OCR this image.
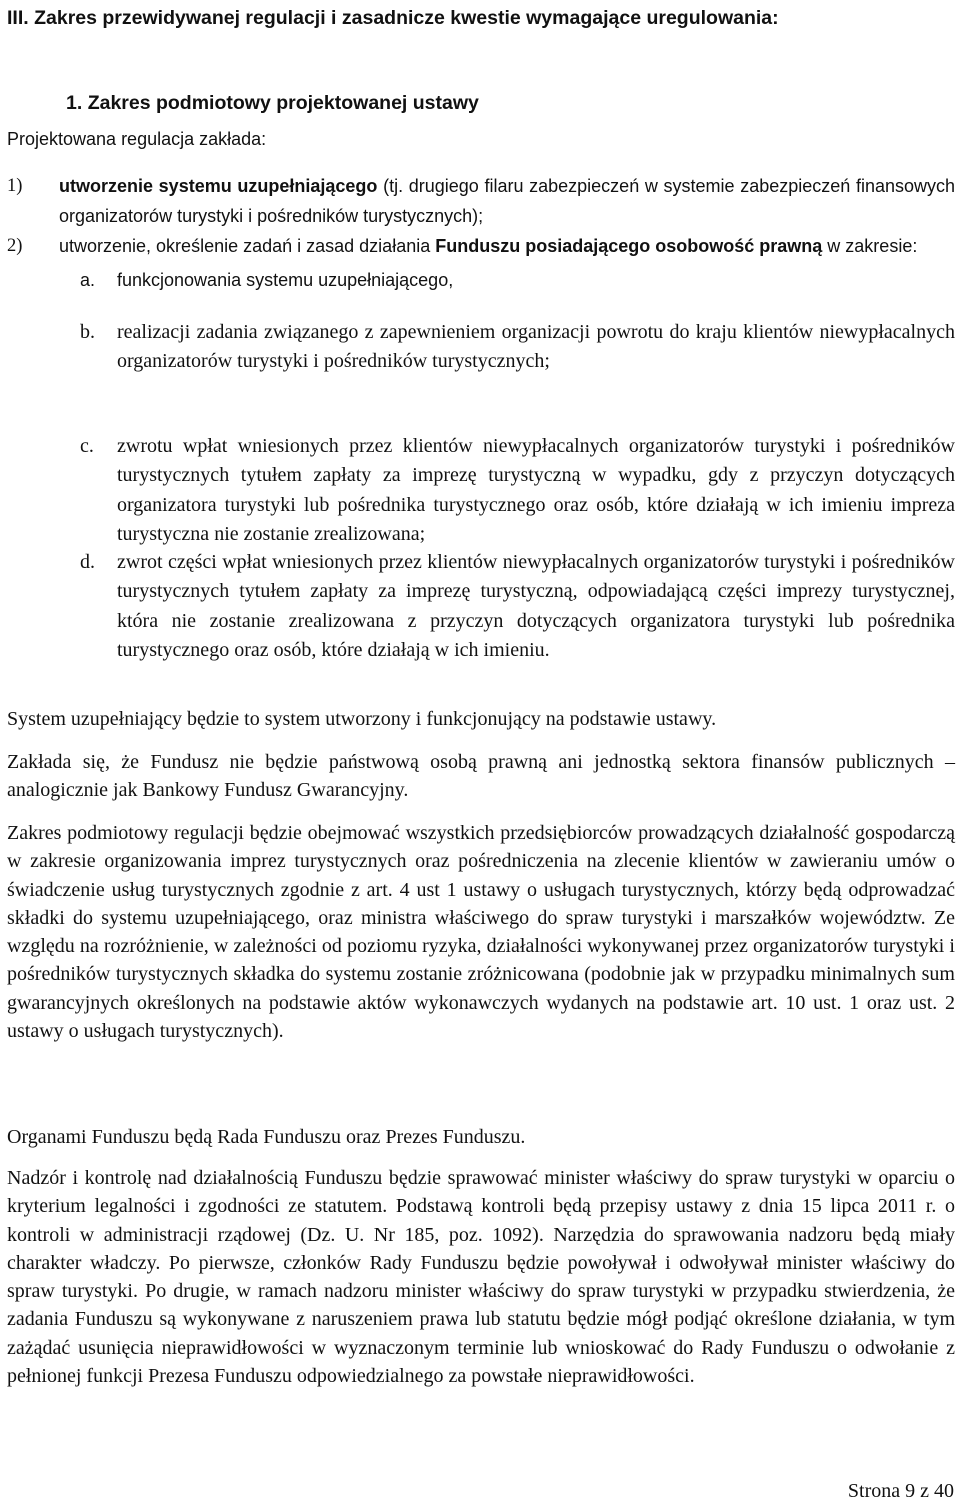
III. Zakres przewidywanej regulacji i zasadnicze kwestie wymagające uregulowania:
1. Zakres podmiotowy projektowanej ustawy
Projektowana regulacja zakłada:
1) utworzenie systemu uzupełniającego (tj. drugiego filaru zabezpieczeń w systemie zabezpieczeń finansowych organizatorów turystyki i pośredników turystycznych);
2) utworzenie, określenie zadań i zasad działania Funduszu posiadającego osobowość prawną w zakresie:
a. funkcjonowania systemu uzupełniającego,
b. realizacji zadania związanego z zapewnieniem organizacji powrotu do kraju klientów niewypłacalnych organizatorów turystyki i pośredników turystycznych;
c. zwrotu wpłat wniesionych przez klientów niewypłacalnych organizatorów turystyki i pośredników turystycznych tytułem zapłaty za imprezę turystyczną w wypadku, gdy z przyczyn dotyczących organizatora turystyki lub pośrednika turystycznego oraz osób, które działają w ich imieniu impreza turystyczna nie zostanie zrealizowana;
d. zwrot części wpłat wniesionych przez klientów niewypłacalnych organizatorów turystyki i pośredników turystycznych tytułem zapłaty za imprezę turystyczną, odpowiadającą części imprezy turystycznej, która nie zostanie zrealizowana z przyczyn dotyczących organizatora turystyki lub pośrednika turystycznego oraz osób, które działają w ich imieniu.
System uzupełniający będzie to system utworzony i funkcjonujący na podstawie ustawy.
Zakłada się, że Fundusz nie będzie państwową osobą prawną ani jednostką sektora finansów publicznych – analogicznie jak Bankowy Fundusz Gwarancyjny.
Zakres podmiotowy regulacji będzie obejmować wszystkich przedsiębiorców prowadzących działalność gospodarczą w zakresie organizowania imprez turystycznych oraz pośredniczenia na zlecenie klientów w zawieraniu umów o świadczenie usług turystycznych zgodnie z art. 4 ust 1 ustawy o usługach turystycznych, którzy będą odprowadzać składki do systemu uzupełniającego, oraz ministra właściwego do spraw turystyki i marszałków województw. Ze względu na rozróżnienie, w zależności od poziomu ryzyka, działalności wykonywanej przez organizatorów turystyki i pośredników turystycznych składka do systemu zostanie zróżnicowana (podobnie jak w przypadku minimalnych sum gwarancyjnych określonych na podstawie aktów wykonawczych wydanych na podstawie art. 10 ust. 1 oraz ust. 2 ustawy o usługach turystycznych).
Organami Funduszu będą Rada Funduszu oraz Prezes Funduszu.
Nadzór i kontrolę nad działalnością Funduszu będzie sprawować minister właściwy do spraw turystyki w oparciu o kryterium legalności i zgodności ze statutem. Podstawą kontroli będą przepisy ustawy z dnia 15 lipca 2011 r. o kontroli w administracji rządowej (Dz. U. Nr 185, poz. 1092). Narzędzia do sprawowania nadzoru będą miały charakter władczy. Po pierwsze, członków Rady Funduszu będzie powoływał i odwoływał minister właściwy do spraw turystyki. Po drugie, w ramach nadzoru minister właściwy do spraw turystyki w przypadku stwierdzenia, że zadania Funduszu są wykonywane z naruszeniem prawa lub statutu będzie mógł podjąć określone działania, w tym zażądać usunięcia nieprawidłowości w wyznaczonym terminie lub wnioskować do Rady Funduszu o odwołanie z pełnionej funkcji Prezesa Funduszu odpowiedzialnego za powstałe nieprawidłowości.
Strona 9 z 40
